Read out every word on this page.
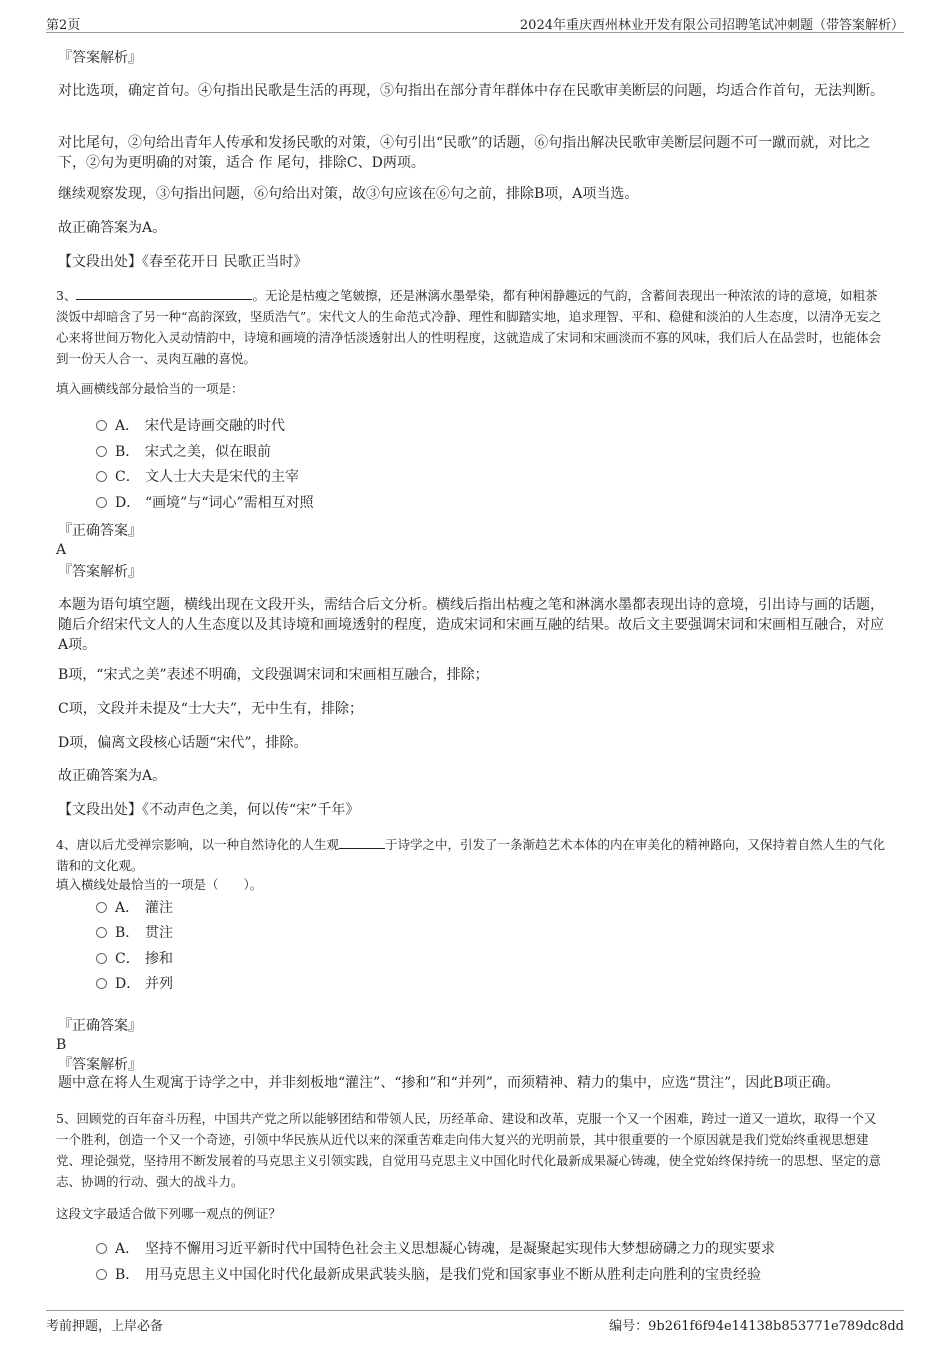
第2页	2024年重庆酉州林业开发有限公司招聘笔试冲刺题（带答案解析）
『答案解析』
对比选项，确定首句。④句指出民歌是生活的再现，⑤句指出在部分青年群体中存在民歌审美断层的问题，均适合作首句，无法判断。
对比尾句，②句给出青年人传承和发扬民歌的对策，④句引出“民歌”的话题，⑥句指出解决民歌审美断层问题不可一蹴而就，对比之下，②句为更明确的对策，适合 作 尾句，排除C、D两项。
继续观察发现，③句指出问题，⑥句给出对策，故③句应该在⑥句之前，排除B项，A项当选。
故正确答案为A。
【文段出处】《春至花开日 民歌正当时》
3、	。无论是枯瘦之笔皴擦，还是淋漓水墨晕染，都有种闲静趣远的气韵，含蓄间表现出一种浓浓的诗的意境，如粗茶淡饭中却暗含了另一种“高韵深致，坚质浩气”。宋代文人的生命范式冷静、理性和脚踏实地，追求理智、平和、稳健和淡泊的人生态度，以清净无妄之心来将世间万物化入灵动情韵中，诗境和画境的清净恬淡透射出人的性明程度，这就造成了宋词和宋画淡而不寡的风味，我们后人在品尝时，也能体会到一份天人合一、灵肉互融的喜悦。
填入画横线部分最恰当的一项是：
A． 宋代是诗画交融的时代
B． 宋式之美，似在眼前
C． 文人士大夫是宋代的主宰
D． “画境”与“词心”需相互对照
『正确答案』
A
『答案解析』
本题为语句填空题，横线出现在文段开头，需结合后文分析。横线后指出枯瘦之笔和淋漓水墨都表现出诗的意境，引出诗与画的话题，随后介绍宋代文人的人生态度以及其诗境和画境透射的程度，造成宋词和宋画互融的结果。故后文主要强调宋词和宋画相互融合，对应A项。
B项，“宋式之美”表述不明确，文段强调宋词和宋画相互融合，排除；
C项，文段并未提及“士大夫”，无中生有，排除；
D项，偏离文段核心话题“宋代”，排除。
故正确答案为A。
【文段出处】《不动声色之美，何以传“宋”千年》
4、唐以后尤受禅宗影响，以一种自然诗化的人生观	于诗学之中，引发了一条渐趋艺术本体的内在审美化的精神路向，又保持着自然人生的气化谐和的文化观。
填入横线处最恰当的一项是（　　）。
A． 灌注
B． 贯注
C． 掺和
D． 并列
『正确答案』
B
『答案解析』
题中意在将人生观寓于诗学之中，并非刻板地“灌注”、“掺和”和“并列”，而须精神、精力的集中，应选“贯注”，因此B项正确。
5、回顾党的百年奋斗历程，中国共产党之所以能够团结和带领人民，历经革命、建设和改革，克服一个又一个困难，跨过一道又一道坎，取得一个又一个胜利，创造一个又一个奇迹，引领中华民族从近代以来的深重苦难走向伟大复兴的光明前景，其中很重要的一个原因就是我们党始终重视思想建党、理论强党，坚持用不断发展着的马克思主义引领实践，自觉用马克思主义中国化时代化最新成果凝心铸魂，使全党始终保持统一的思想、坚定的意志、协调的行动、强大的战斗力。
这段文字最适合做下列哪一观点的例证？
A． 坚持不懈用习近平新时代中国特色社会主义思想凝心铸魂，是凝聚起实现伟大梦想磅礴之力的现实要求
B． 用马克思主义中国化时代化最新成果武装头脑，是我们党和国家事业不断从胜利走向胜利的宝贵经验
考前押题，上岸必备	编号：9b261f6f94e14138b853771e789dc8dd
